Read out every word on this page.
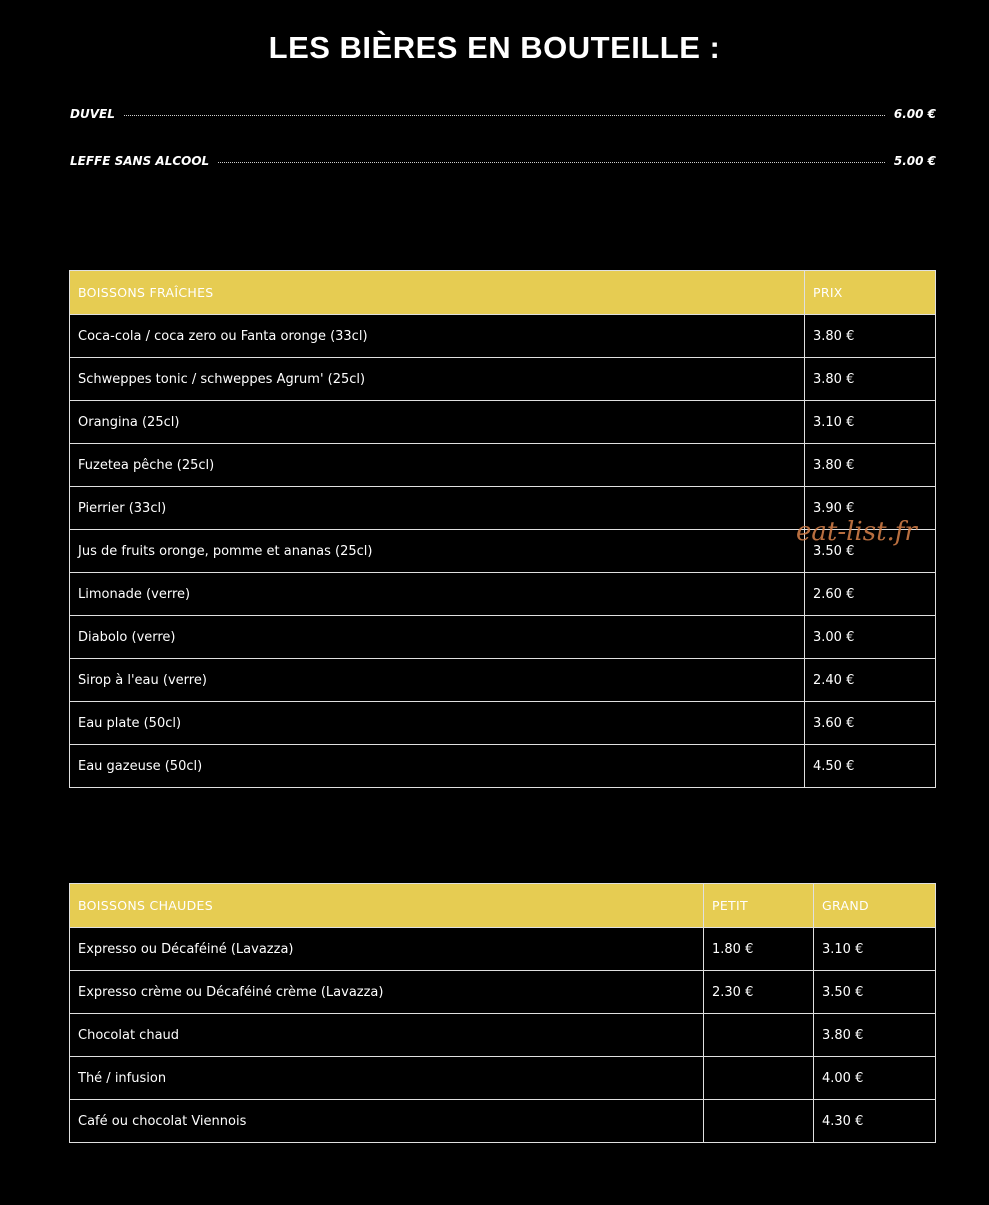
LES BIÈRES EN BOUTEILLE :
DUVEL	6.00 €
LEFFE SANS ALCOOL	5.00 €
BOISSONS FRAÎCHES	PRIX
Coca-cola / coca zero ou Fanta oronge (33cl)	3.80 €
Schweppes tonic / schweppes Agrum' (25cl)	3.80 €
Orangina (25cl)	3.10 €
Fuzetea pêche (25cl)	3.80 €
Pierrier (33cl)	3.90 €
Jus de fruits oronge, pomme et ananas (25cl)	3.50 €
Limonade (verre)	2.60 €
Diabolo (verre)	3.00 €
Sirop à l'eau (verre)	2.40 €
Eau plate (50cl)	3.60 €
Eau gazeuse (50cl)	4.50 €
BOISSONS CHAUDES	PETIT	GRAND
Expresso ou Décaféiné (Lavazza)	1.80 €	3.10 €
Expresso crème ou Décaféiné crème (Lavazza)	2.30 €	3.50 €
Chocolat chaud		3.80 €
Thé / infusion		4.00 €
Café ou chocolat Viennois		4.30 €
eat-list.fr
